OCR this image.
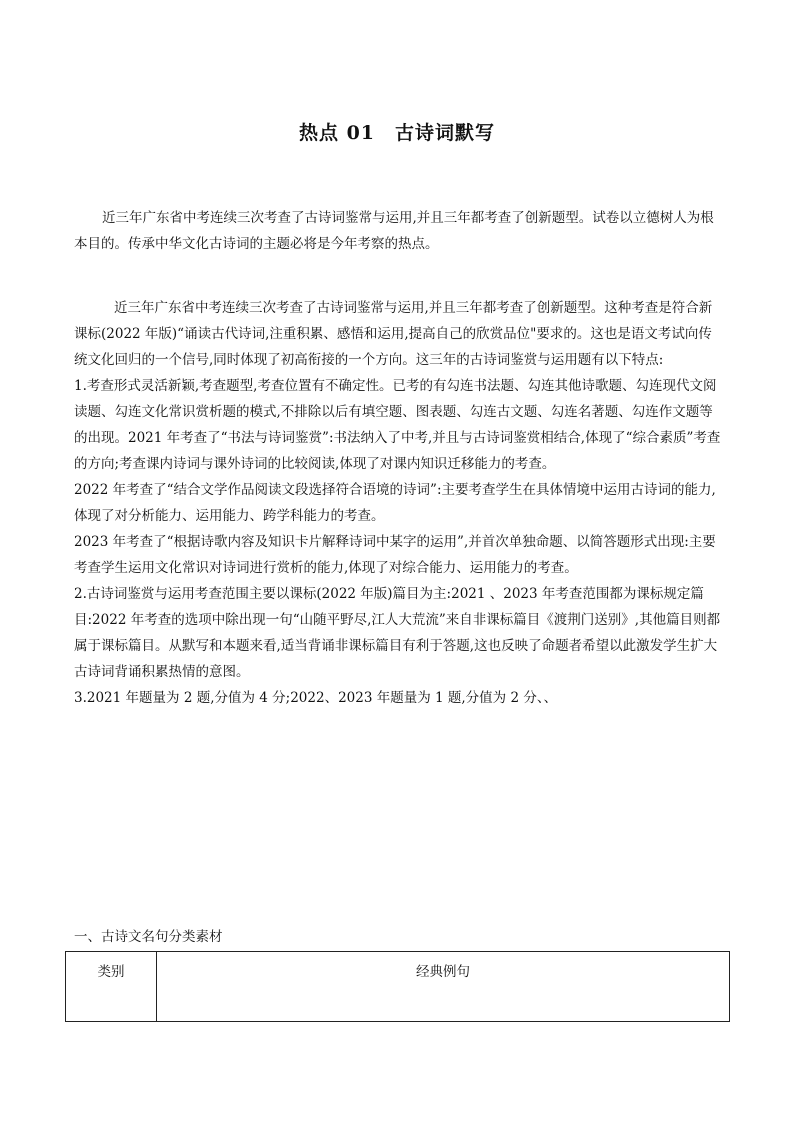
热点 01　古诗词默写

近三年广东省中考连续三次考查了古诗词鉴常与运用,并且三年都考查了创新题型。试卷以立德树人为根本目的。传承中华文化古诗词的主题必将是今年考察的热点。

近三年广东省中考连续三次考查了古诗词鉴常与运用,并且三年都考查了创新题型。这种考查是符合新课标(2022 年版)“诵读古代诗词,注重积累、感悟和运用,提高自己的欣赏品位"要求的。这也是语文考试向传统文化回归的一个信号,同时体现了初高衔接的一个方向。这三年的古诗词鉴赏与运用题有以下特点:

1.考查形式灵活新颖,考查题型,考查位置有不确定性。已考的有勾连书法题、勾连其他诗歌题、勾连现代文阅读题、勾连文化常识赏析题的模式,不排除以后有填空题、图表题、勾连古文题、勾连名著题、勾连作文题等的出现。2021 年考查了“书法与诗词鉴赏”:书法纳入了中考,并且与古诗词鉴赏相结合,体现了“综合素质”考查的方向;考查课内诗词与课外诗词的比较阅读,体现了对课内知识迁移能力的考查。

2022 年考查了“结合文学作品阅读文段选择符合语境的诗词”:主要考查学生在具体情境中运用古诗词的能力,体现了对分析能力、运用能力、跨学科能力的考查。

2023 年考查了“根据诗歌内容及知识卡片解释诗词中某字的运用”,并首次单独命题、以简答题形式出现:主要考查学生运用文化常识对诗词进行赏析的能力,体现了对综合能力、运用能力的考查。

2.古诗词鉴赏与运用考查范围主要以课标(2022 年版)篇目为主:2021 、2023 年考查范围都为课标规定篇目:2022 年考查的选项中除出现一句“山随平野尽,江人大荒流”来自非课标篇目《渡荆门送别》,其他篇目则都属于课标篇目。从默写和本题来看,适当背诵非课标篇目有利于答题,这也反映了命题者希望以此激发学生扩大古诗词背诵积累热情的意图。

3.2021 年题量为 2 题,分值为 4 分;2022、2023 年题量为 1 题,分值为 2 分、、

一、古诗文名句分类素材
类别	经典例句
